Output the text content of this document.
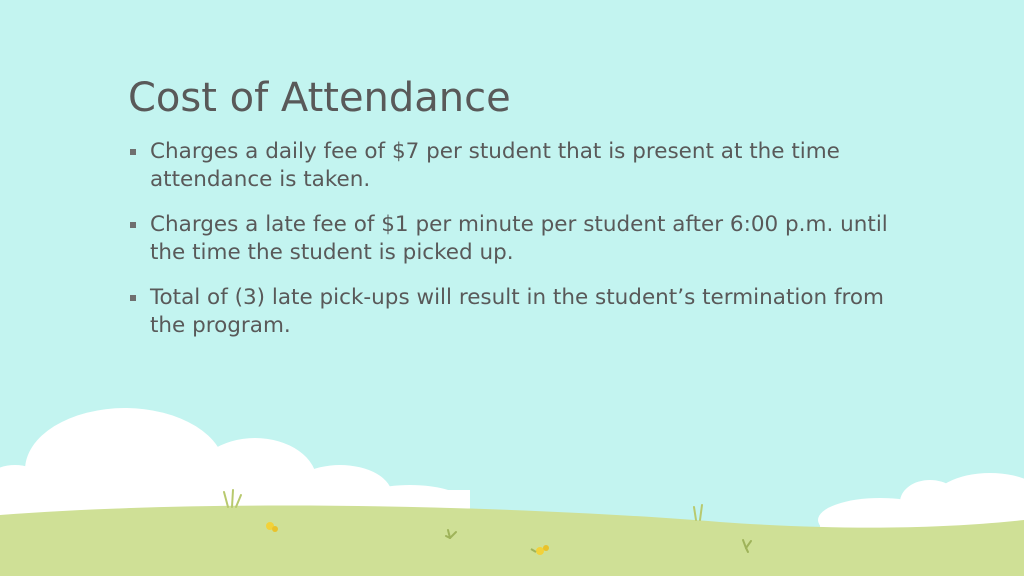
Cost of Attendance
Charges a daily fee of $7 per student that is present at the time attendance is taken.
Charges a late fee of $1 per minute per student after 6:00 p.m. until the time the student is picked up.
Total of (3) late pick-ups will result in the student’s termination from the program.
